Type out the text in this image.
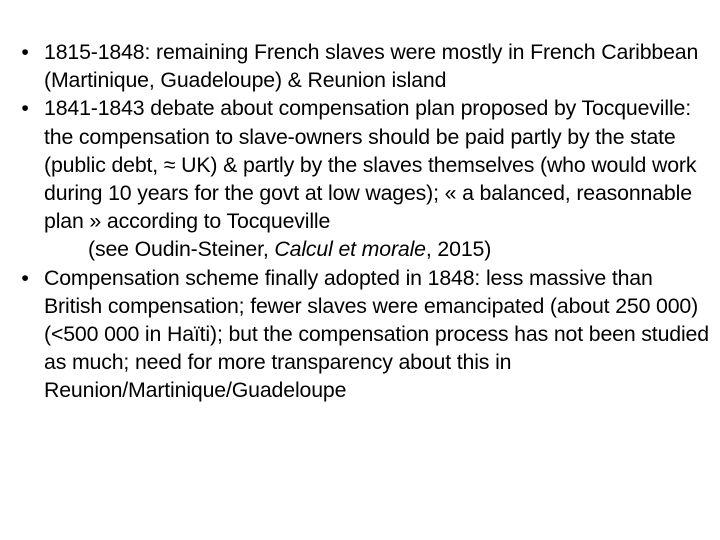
• 1815-1848: remaining French slaves were mostly in French Caribbean (Martinique, Guadeloupe) & Reunion island
• 1841-1843 debate about compensation plan proposed by Tocqueville: the compensation to slave-owners should be paid partly by the state (public debt, ≈ UK) & partly by the slaves themselves (who would work during 10 years for the govt at low wages); « a balanced, reasonnable plan » according to Tocqueville
(see Oudin-Steiner, Calcul et morale, 2015)
• Compensation scheme finally adopted in 1848: less massive than British compensation; fewer slaves were emancipated (about 250 000) (<500 000 in Haïti); but the compensation process has not been studied as much; need for more transparency about this in Reunion/Martinique/Guadeloupe
